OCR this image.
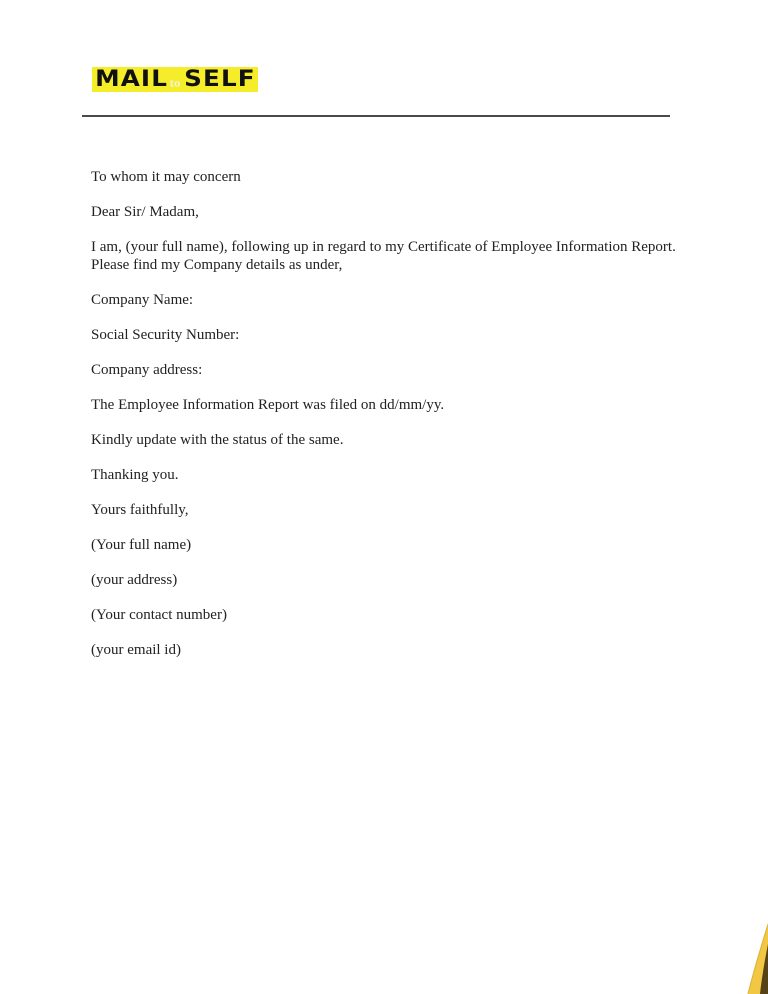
MAIL to SELF

To whom it may concern

Dear Sir/ Madam,

I am, (your full name), following up in regard to my Certificate of Employee Information Report.
Please find my Company details as under,

Company Name:

Social Security Number:

Company address:

The Employee Information Report was filed on dd/mm/yy.

Kindly update with the status of the same.

Thanking you.

Yours faithfully,

(Your full name)

(your address)

(Your contact number)

(your email id)
